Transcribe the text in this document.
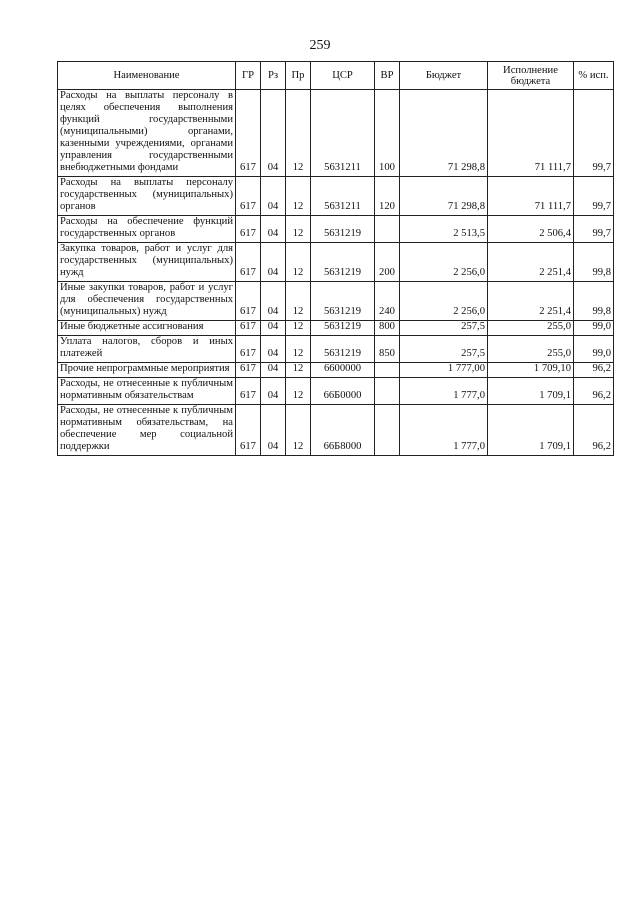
259
Наименование	ГР	Рз	Пр	ЦСР	ВР	Бюджет	Исполнение бюджета	% исп.
Расходы на выплаты персоналу в целях обеспечения выполнения функций государственными (муниципальными) органами, казенными учреждениями, органами управления государственными внебюджетными фондами	617	04	12	5631211	100	71 298,8	71 111,7	99,7
Расходы на выплаты персоналу государственных (муниципальных) органов	617	04	12	5631211	120	71 298,8	71 111,7	99,7
Расходы на обеспечение функций государственных органов	617	04	12	5631219		2 513,5	2 506,4	99,7
Закупка товаров, работ и услуг для государственных (муниципальных) нужд	617	04	12	5631219	200	2 256,0	2 251,4	99,8
Иные закупки товаров, работ и услуг для обеспечения государственных (муниципальных) нужд	617	04	12	5631219	240	2 256,0	2 251,4	99,8
Иные бюджетные ассигнования	617	04	12	5631219	800	257,5	255,0	99,0
Уплата налогов, сборов и иных платежей	617	04	12	5631219	850	257,5	255,0	99,0
Прочие непрограммные мероприятия	617	04	12	6600000		1 777,00	1 709,10	96,2
Расходы, не отнесенные к публичным нормативным обязательствам	617	04	12	66Б0000		1 777,0	1 709,1	96,2
Расходы, не отнесенные к публичным нормативным обязательствам, на обеспечение мер социальной поддержки	617	04	12	66Б8000		1 777,0	1 709,1	96,2
